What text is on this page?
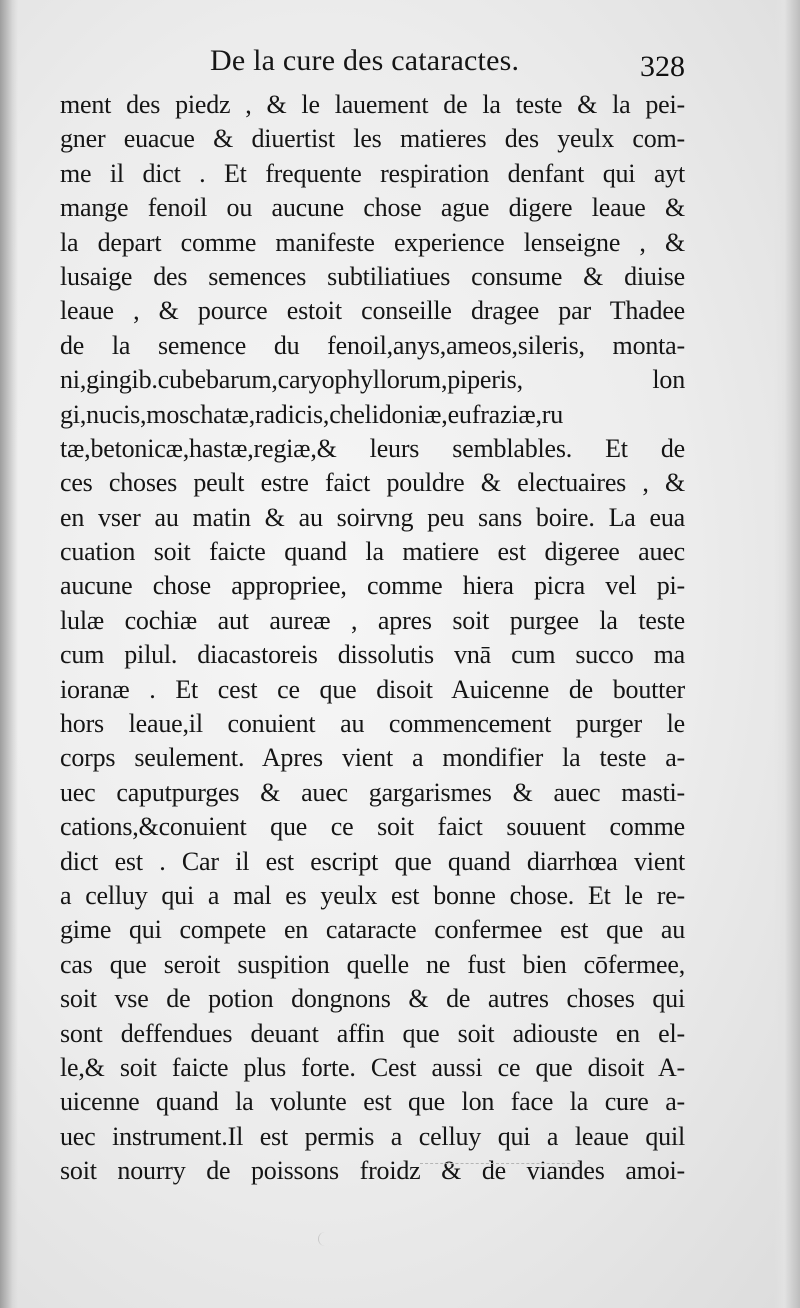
De la cure des cataractes.	328
ment des piedz , & le lauement de la teste & la pei-
gner euacue & diuertist les matieres des yeulx com-
me il dict . Et frequente respiration denfant qui ayt
mange fenoil ou aucune chose ague digere leaue &
la depart comme manifeste experience lenseigne , &
lusaige des semences subtiliatiues consume & diuise
leaue , & pource estoit conseille dragee par Thadee
de la semence du fenoil,anys,ameos,sileris, monta-
ni,gingib.cubebarum,caryophyllorum,piperis, lon
gi,nucis,moschatæ,radicis,chelidoniæ,eufraziæ,ru
tæ,betonicæ,hastæ,regiæ,& leurs semblables. Et de
ces choses peult estre faict pouldre & electuaires , &
en vser au matin & au soirvng peu sans boire. La eua
cuation soit faicte quand la matiere est digeree auec
aucune chose appropriee, comme hiera picra vel pi-
lulæ cochiæ aut aureæ , apres soit purgee la teste
cum pilul. diacastoreis dissolutis vnā cum succo ma
ioranæ . Et cest ce que disoit Auicenne de boutter
hors leaue,il conuient au commencement purger le
corps seulement. Apres vient a mondifier la teste a-
uec caputpurges & auec gargarismes & auec masti-
cations,&conuient que ce soit faict souuent comme
dict est . Car il est escript que quand diarrhœa vient
a celluy qui a mal es yeulx est bonne chose. Et le re-
gime qui compete en cataracte confermee est que au
cas que seroit suspition quelle ne fust bien cōfermee,
soit vse de potion dongnons & de autres choses qui
sont deffendues deuant affin que soit adiouste en el-
le,& soit faicte plus forte. Cest aussi ce que disoit A-
uicenne quand la volunte est que lon face la cure a-
uec instrument.Il est permis a celluy qui a leaue quil
soit nourry de poissons froidz & de viandes amoi-
